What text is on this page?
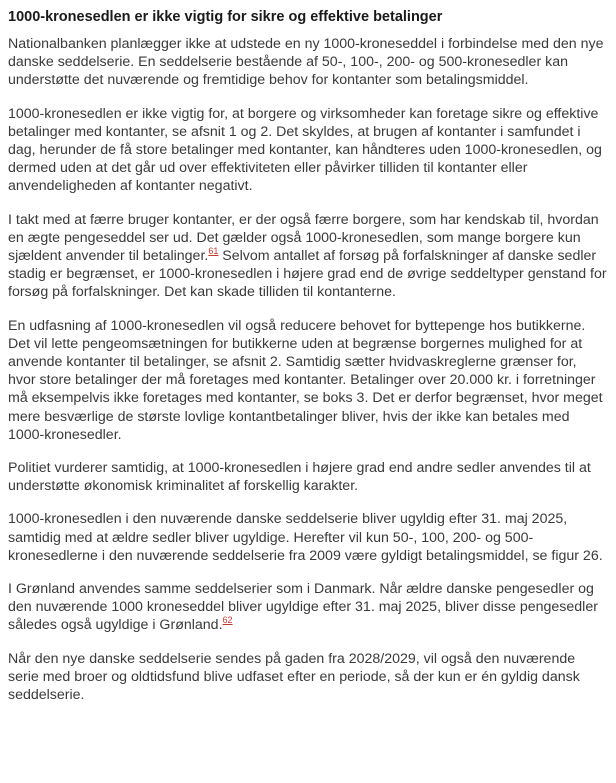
1000-kronesedlen er ikke vigtig for sikre og effektive betalinger

Nationalbanken planlægger ikke at udstede en ny 1000-kroneseddel i forbindelse med den nye danske seddelserie. En seddelserie bestående af 50-, 100-, 200- og 500-kronesedler kan understøtte det nuværende og fremtidige behov for kontanter som betalingsmiddel.

1000-kronesedlen er ikke vigtig for, at borgere og virksomheder kan foretage sikre og effektive betalinger med kontanter, se afsnit 1 og 2. Det skyldes, at brugen af kontanter i samfundet i dag, herunder de få store betalinger med kontanter, kan håndteres uden 1000-kronesedlen, og dermed uden at det går ud over effektiviteten eller påvirker tilliden til kontanter eller anvendeligheden af kontanter negativt.

I takt med at færre bruger kontanter, er der også færre borgere, som har kendskab til, hvordan en ægte pengeseddel ser ud. Det gælder også 1000-kronesedlen, som mange borgere kun sjældent anvender til betalinger.$^{61}$ Selvom antallet af forsøg på forfalskninger af danske sedler stadig er begrænset, er 1000-kronesedlen i højere grad end de øvrige seddeltyper genstand for forsøg på forfalskninger. Det kan skade tilliden til kontanterne.

En udfasning af 1000-kronesedlen vil også reducere behovet for byttepenge hos butikkerne. Det vil lette pengeomsætningen for butikkerne uden at begrænse borgernes mulighed for at anvende kontanter til betalinger, se afsnit 2. Samtidig sætter hvidvaskreglerne grænser for, hvor store betalinger der må foretages med kontanter. Betalinger over 20.000 kr. i forretninger må eksempelvis ikke foretages med kontanter, se boks 3. Det er derfor begrænset, hvor meget mere besværlige de største lovlige kontantbetalinger bliver, hvis der ikke kan betales med 1000-kronesedler.

Politiet vurderer samtidig, at 1000-kronesedlen i højere grad end andre sedler anvendes til at understøtte økonomisk kriminalitet af forskellig karakter.

1000-kronesedlen i den nuværende danske seddelserie bliver ugyldig efter 31. maj 2025, samtidig med at ældre sedler bliver ugyldige. Herefter vil kun 50-, 100, 200- og 500-kronesedlerne i den nuværende seddelserie fra 2009 være gyldigt betalingsmiddel, se figur 26.

I Grønland anvendes samme seddelserier som i Danmark. Når ældre danske pengesedler og den nuværende 1000 kroneseddel bliver ugyldige efter 31. maj 2025, bliver disse pengesedler således også ugyldige i Grønland.$^{62}$

Når den nye danske seddelserie sendes på gaden fra 2028/2029, vil også den nuværende serie med broer og oldtidsfund blive udfaset efter en periode, så der kun er én gyldig dansk seddelserie.
